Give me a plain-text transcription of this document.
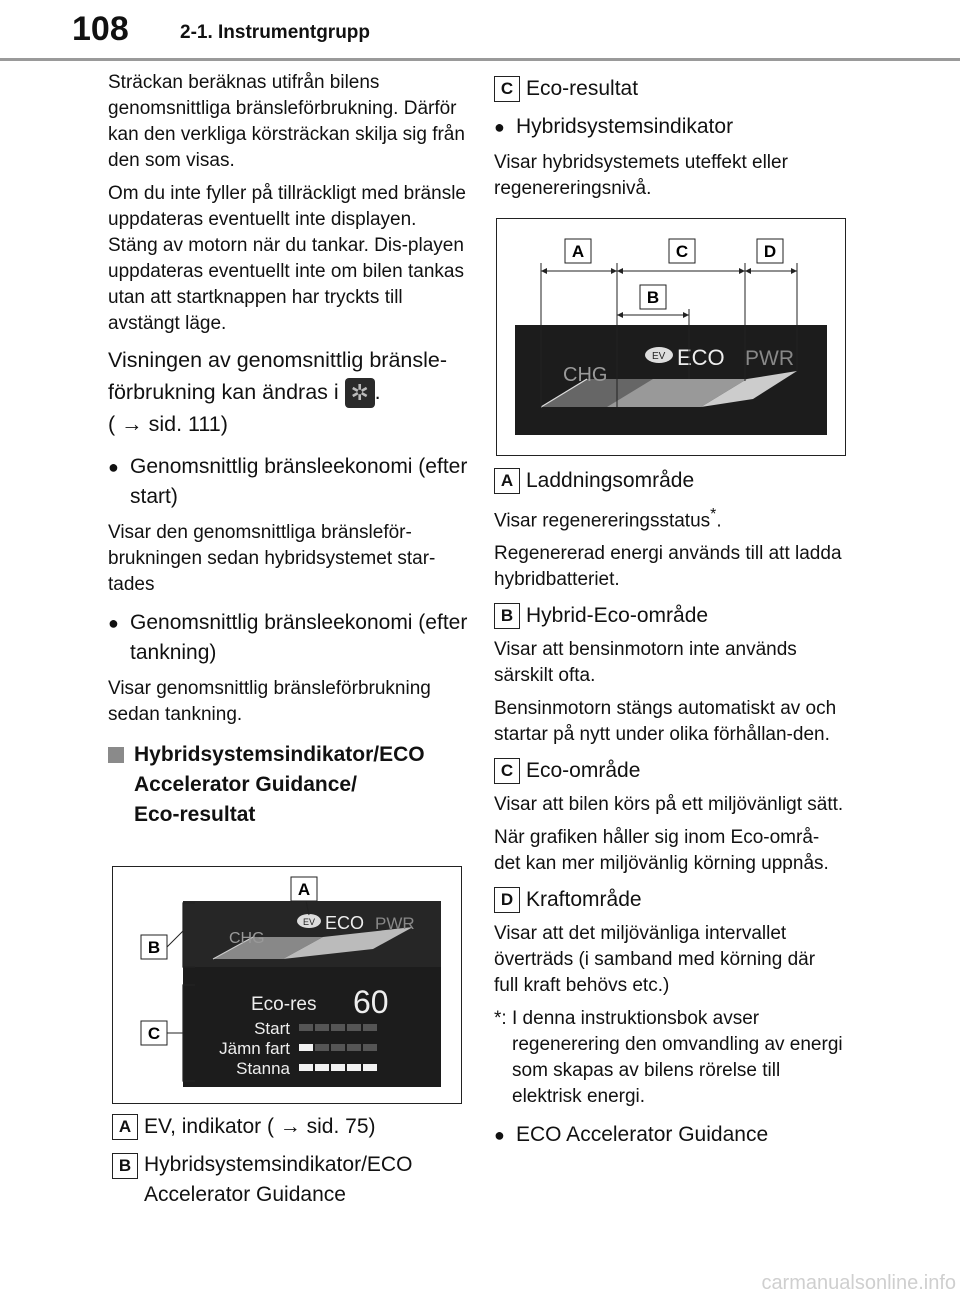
108	2-1. Instrumentgrupp

Sträckan beräknas utifrån bilens genomsnittliga bränsleförbrukning. Därför kan den verkliga körsträckan skilja sig från den som visas.

Om du inte fyller på tillräckligt med bränsle uppdateras eventuellt inte displayen.

Stäng av motorn när du tankar. Dis-playen uppdateras eventuellt inte om bilen tankas utan att startknappen har tryckts till avstängt läge.

Visningen av genomsnittlig bränsle-
förbrukning kan ändras i ✲ .
( → sid. 111)

● Genomsnittlig bränsleekonomi (efter start)

Visar den genomsnittliga bränsleför-brukningen sedan hybridsystemet star-tades

● Genomsnittlig bränsleekonomi (efter tankning)

Visar genomsnittlig bränsleförbrukning sedan tankning.

Hybridsystemsindikator/ECO
Accelerator Guidance/
Eco-resultat
EV ECO PWR
CHG
Eco-res 60
Start
Jämn fart
Stanna
A
B
C
A EV, indikator ( → sid. 75)
B Hybridsystemsindikator/ECO
Accelerator Guidance
C Eco-resultat
● Hybridsystemsindikator

Visar hybridsystemets uteffekt eller regenereringsnivå.

EV ECO PWR
CHG
A	C	D
B
A Laddningsområde

Visar regenereringsstatus*.

Regenererad energi används till att ladda hybridbatteriet.

B Hybrid-Eco-område

Visar att bensinmotorn inte används särskilt ofta.

Bensinmotorn stängs automatiskt av och startar på nytt under olika förhållan-den.

C Eco-område

Visar att bilen körs på ett miljövänligt sätt.

När grafiken håller sig inom Eco-områ-det kan mer miljövänlig körning uppnås.

D Kraftområde

Visar att det miljövänliga intervallet överträds (i samband med körning där full kraft behövs etc.)

*: I denna instruktionsbok avser regenerering den omvandling av energi som skapas av bilens rörelse till elektrisk energi.
● ECO Accelerator Guidance
carmanualsonline.info
